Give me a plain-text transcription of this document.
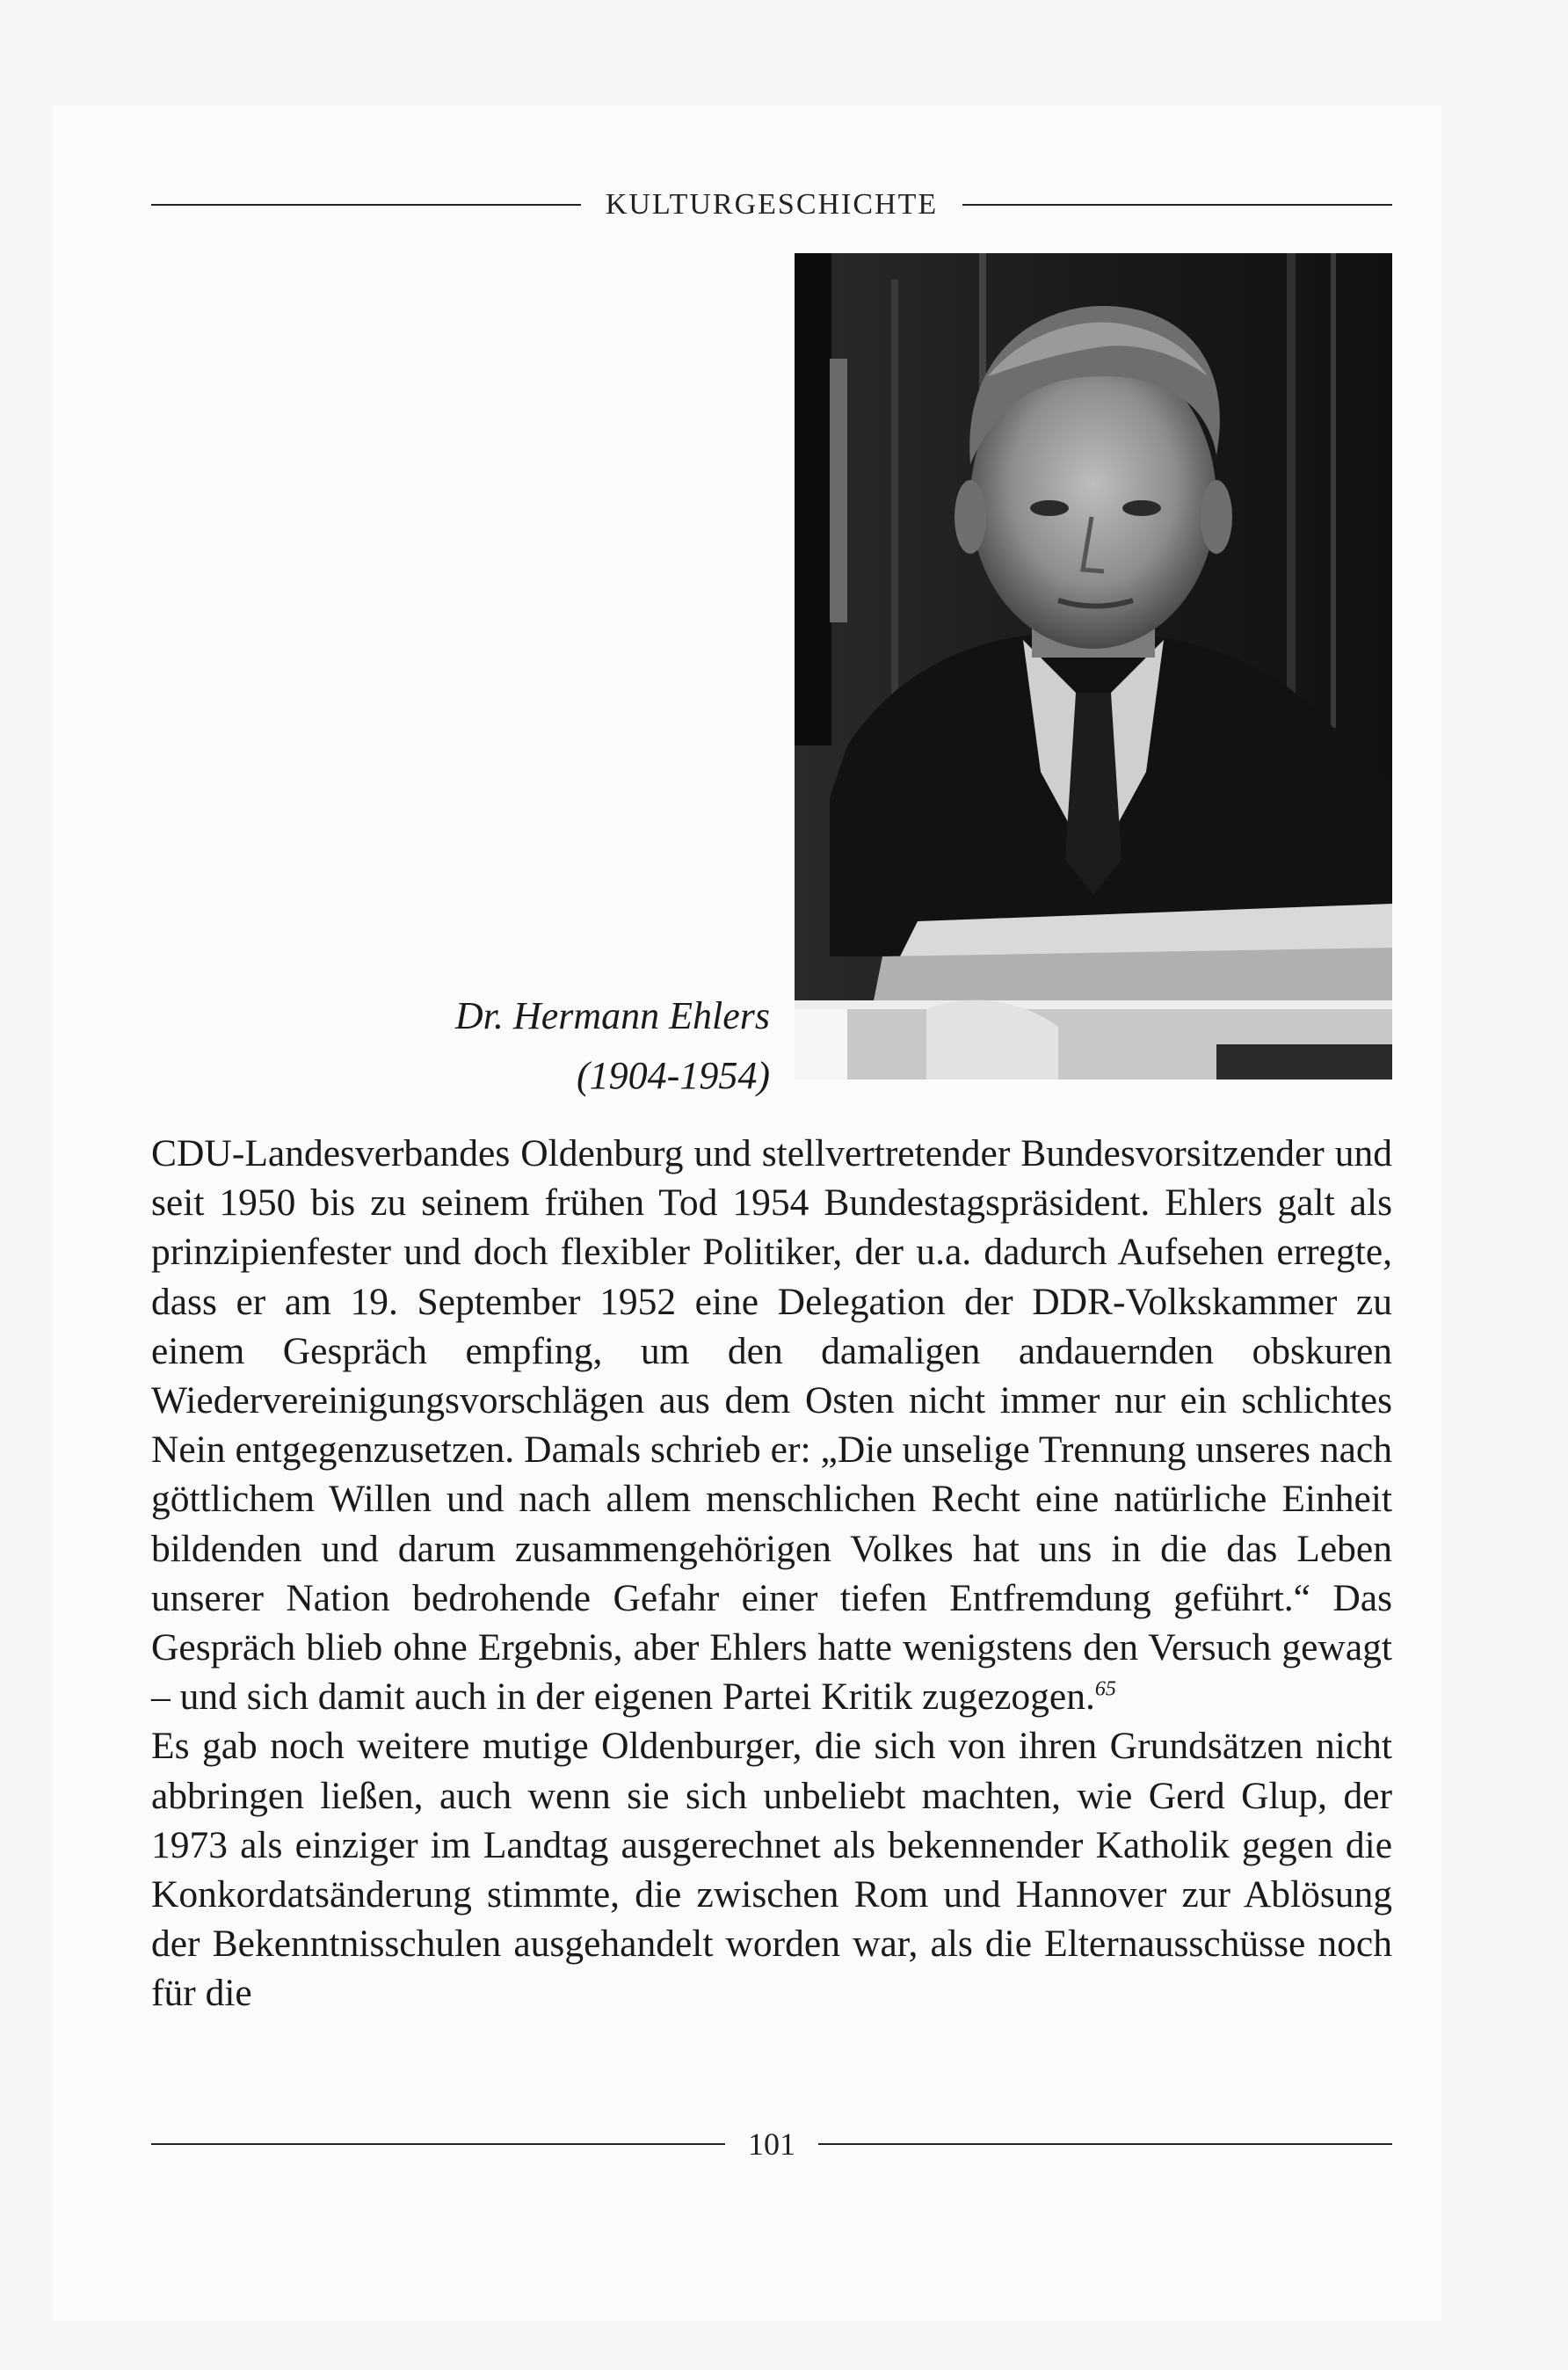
KULTURGESCHICHTE
Dr. Hermann Ehlers
(1904-1954)

CDU-Landesverbandes Oldenburg und stellvertretender Bundesvorsitzender und seit 1950 bis zu seinem frühen Tod 1954 Bundestagspräsident. Ehlers galt als prinzipienfester und doch flexibler Politiker, der u.a. dadurch Aufsehen erregte, dass er am 19. September 1952 eine Delegation der DDR-Volkskammer zu einem Gespräch empfing, um den damaligen andauernden obskuren Wiedervereinigungsvorschlägen aus dem Osten nicht immer nur ein schlichtes Nein entgegenzusetzen. Damals schrieb er: „Die unselige Trennung unseres nach göttlichem Willen und nach allem menschlichen Recht eine natürliche Einheit bildenden und darum zusammengehörigen Volkes hat uns in die das Leben unserer Nation bedrohende Gefahr einer tiefen Entfremdung geführt.“ Das Gespräch blieb ohne Ergebnis, aber Ehlers hatte wenigstens den Versuch gewagt – und sich damit auch in der eigenen Partei Kritik zugezogen.$^{65}$

Es gab noch weitere mutige Oldenburger, die sich von ihren Grundsätzen nicht abbringen ließen, auch wenn sie sich unbeliebt machten, wie Gerd Glup, der 1973 als einziger im Landtag ausgerechnet als bekennender Katholik gegen die Konkordatsänderung stimmte, die zwischen Rom und Hannover zur Ablösung der Bekenntnisschulen ausgehandelt worden war, als die Elternausschüsse noch für die

101
